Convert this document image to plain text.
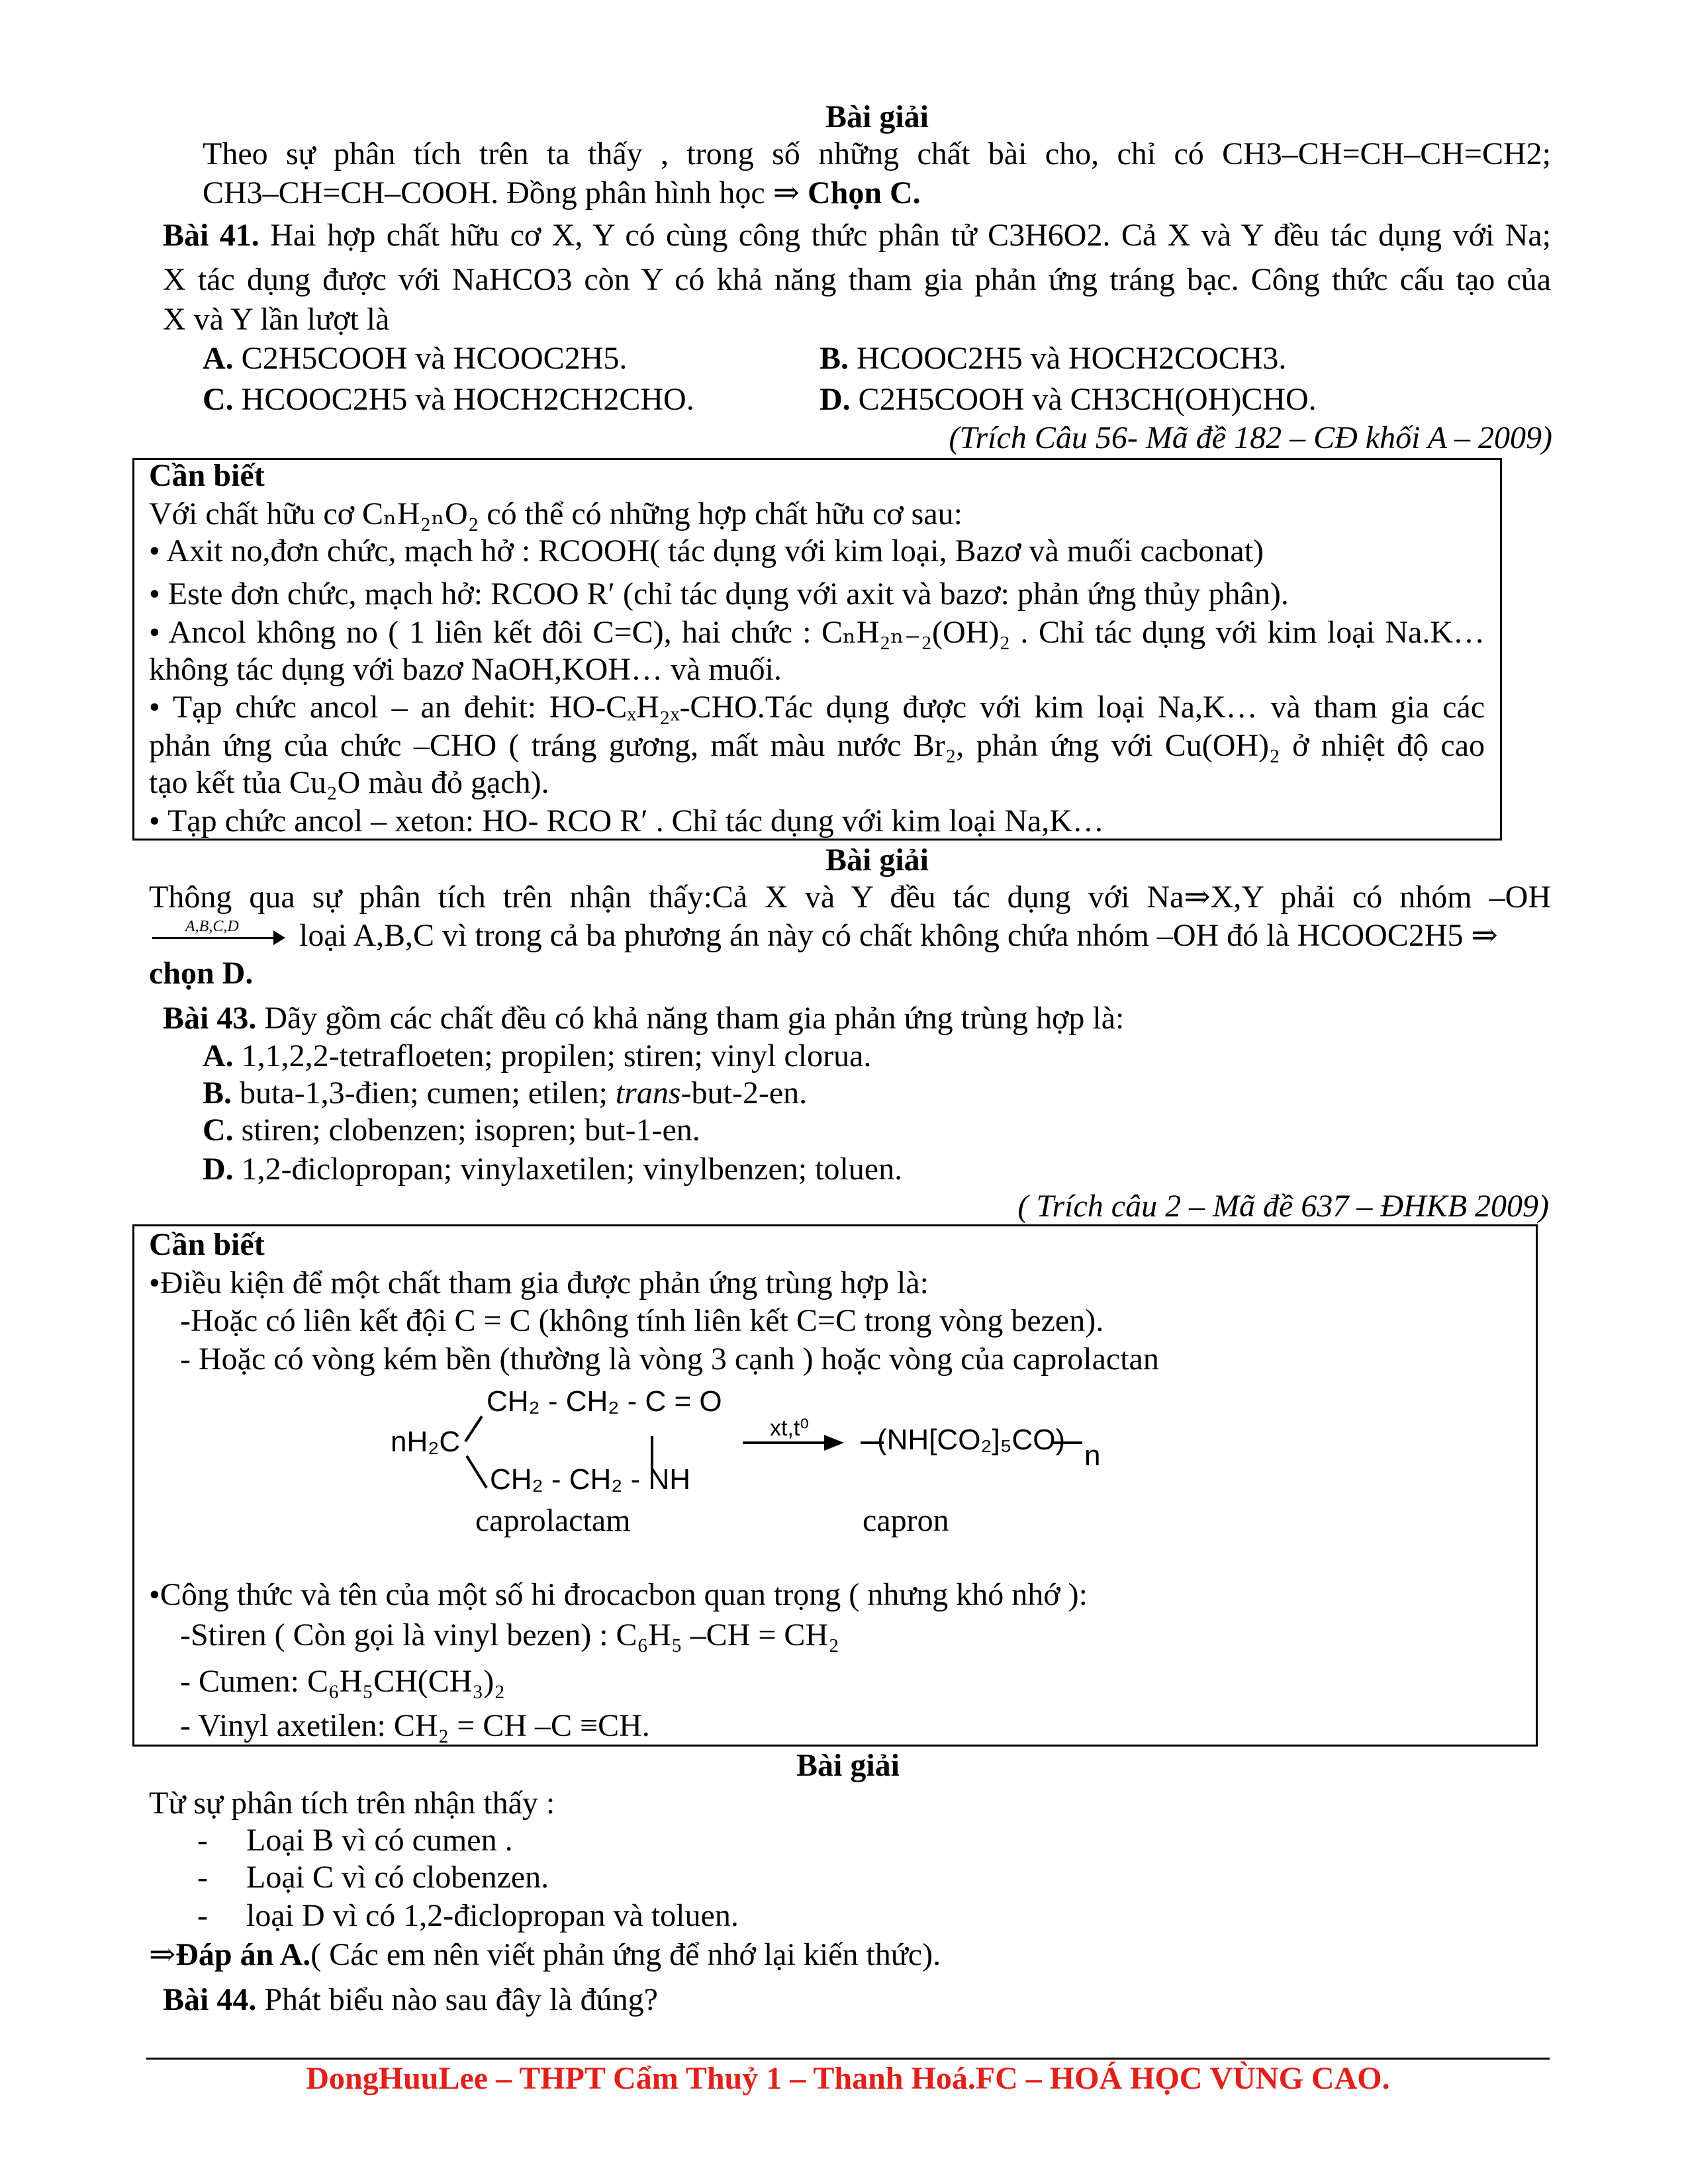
Bài giải
Theo sự phân tích trên ta thấy , trong số những chất bài cho, chỉ có CH3–CH=CH–CH=CH2;
CH3–CH=CH–COOH. Đồng phân hình học ⇒ Chọn C.
Bài 41. Hai hợp chất hữu cơ X, Y có cùng công thức phân tử C3H6O2. Cả X và Y đều tác dụng với Na;
X tác dụng được với NaHCO3 còn Y có khả năng tham gia phản ứng tráng bạc. Công thức cấu tạo của
X và Y lần lượt là
A. C2H5COOH và HCOOC2H5.	B. HCOOC2H5 và HOCH2COCH3.
C. HCOOC2H5 và HOCH2CH2CHO.	D. C2H5COOH và CH3CH(OH)CHO.
(Trích Câu 56- Mã đề 182 – CĐ khối A – 2009)
Cần biết
Với chất hữu cơ CₙH₂ₙO₂ có thể có những hợp chất hữu cơ sau:
• Axit no,đơn chức, mạch hở : RCOOH( tác dụng với kim loại, Bazơ và muối cacbonat)
• Este đơn chức, mạch hở: RCOO R′ (chỉ tác dụng với axit và bazơ: phản ứng thủy phân).
• Ancol không no ( 1 liên kết đôi C=C), hai chức : CₙH₂ₙ₋₂(OH)₂ . Chỉ tác dụng với kim loại Na.K…
không tác dụng với bazơ NaOH,KOH… và muối.
• Tạp chức ancol – an đehit: HO-CₓH₂ₓ-CHO.Tác dụng được với kim loại Na,K… và tham gia các
phản ứng của chức –CHO ( tráng gương, mất màu nước Br₂, phản ứng với Cu(OH)₂ ở nhiệt độ cao
tạo kết tủa Cu₂O màu đỏ gạch).
• Tạp chức ancol – xeton: HO- RCO R′ . Chỉ tác dụng với kim loại Na,K…
Bài giải
Thông qua sự phân tích trên nhận thấy:Cả X và Y đều tác dụng với Na⇒X,Y phải có nhóm –OH
A,B,C,D loại A,B,C vì trong cả ba phương án này có chất không chứa nhóm –OH đó là HCOOC2H5 ⇒
chọn D.
Bài 43. Dãy gồm các chất đều có khả năng tham gia phản ứng trùng hợp là:
A. 1,1,2,2-tetrafloeten; propilen; stiren; vinyl clorua.
B. buta-1,3-đien; cumen; etilen; trans-but-2-en.
C. stiren; clobenzen; isopren; but-1-en.
D. 1,2-điclopropan; vinylaxetilen; vinylbenzen; toluen.
( Trích câu 2 – Mã đề 637 – ĐHKB 2009)
Cần biết
•Điều kiện để một chất tham gia được phản ứng trùng hợp là:
-Hoặc có liên kết đội C = C (không tính liên kết C=C trong vòng bezen).
- Hoặc có vòng kém bền (thường là vòng 3 cạnh ) hoặc vòng của caprolactan
nH₂C
CH₂ - CH₂ - C = O
CH₂ - CH₂ - NH
xt,t⁰ (NH[CO₂]₅CO) n
caprolactam	capron
•Công thức và tên của một số hi đrocacbon quan trọng ( nhưng khó nhớ ):
-Stiren ( Còn gọi là vinyl bezen) : C₆H₅ –CH = CH₂
- Cumen: C₆H₅CH(CH₃)₂
- Vinyl axetilen: CH₂ = CH –C ≡CH.
Bài giải
Từ sự phân tích trên nhận thấy :
- Loại B vì có cumen .
- Loại C vì có clobenzen.
- loại D vì có 1,2-điclopropan và toluen.
⇒Đáp án A.( Các em nên viết phản ứng để nhớ lại kiến thức).
Bài 44. Phát biểu nào sau đây là đúng?
DongHuuLee – THPT Cẩm Thuỷ 1 – Thanh Hoá.FC – HOÁ HỌC VÙNG CAO.
